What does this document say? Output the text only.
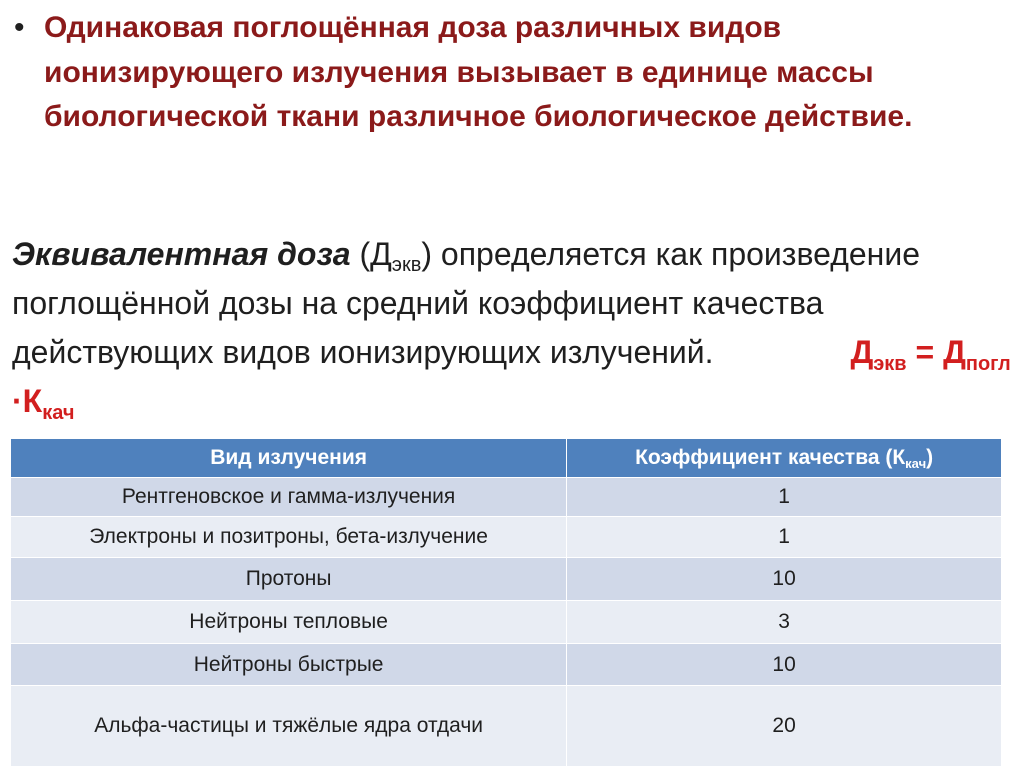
• Одинаковая поглощённая доза различных видов ионизирующего излучения вызывает в единице массы биологической ткани различное биологическое действие.
Эквивалентная доза $(Д_{экв})$ определяется как произведение поглощённой дозы на средний коэффициент качества действующих видов ионизирующих излучений.	$Д_{экв} = Д_{погл} \cdot К_{кач}$
Вид излучения	Коэффициент качества $(К_{кач})$
Рентгеновское и гамма-излучения	1
Электроны и позитроны, бета-излучение	1
Протоны	10
Нейтроны тепловые	3
Нейтроны быстрые	10
Альфа-частицы и тяжёлые ядра отдачи	20
